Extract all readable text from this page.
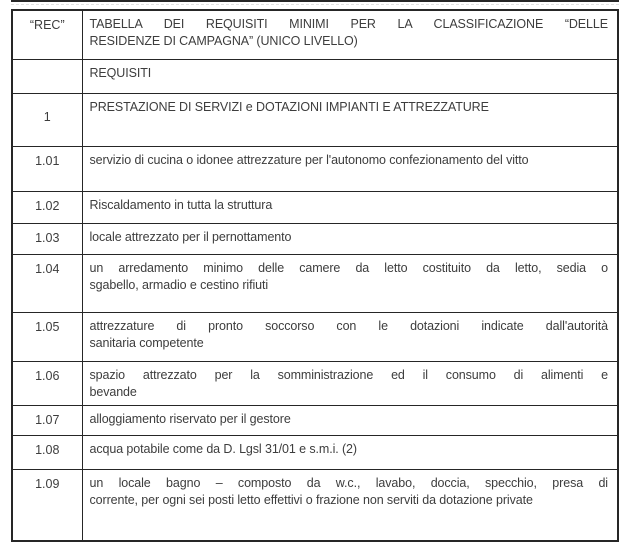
“REC”	TABELLA DEI REQUISITI MINIMI PER LA CLASSIFICAZIONE “DELLE
RESIDENZE DI CAMPAGNA” (UNICO LIVELLO)

	REQUISITI

1	PRESTAZIONE DI SERVIZI e DOTAZIONI IMPIANTI E ATTREZZATURE

1.01	servizio di cucina o idonee attrezzature per l'autonomo confezionamento del vitto

1.02	Riscaldamento in tutta la struttura

1.03	locale attrezzato per il pernottamento

1.04	un arredamento minimo delle camere da letto costituito da letto, sedia o
sgabello, armadio e cestino rifiuti

1.05	attrezzature di pronto soccorso con le dotazioni indicate dall'autorità
sanitaria competente

1.06	spazio attrezzato per la somministrazione ed il consumo di alimenti e
bevande

1.07	alloggiamento riservato per il gestore

1.08	acqua potabile come da D. Lgsl 31/01 e s.m.i. (2)

1.09	un locale bagno – composto da w.c., lavabo, doccia, specchio, presa di
corrente, per ogni sei posti letto effettivi o frazione non serviti da dotazione private
